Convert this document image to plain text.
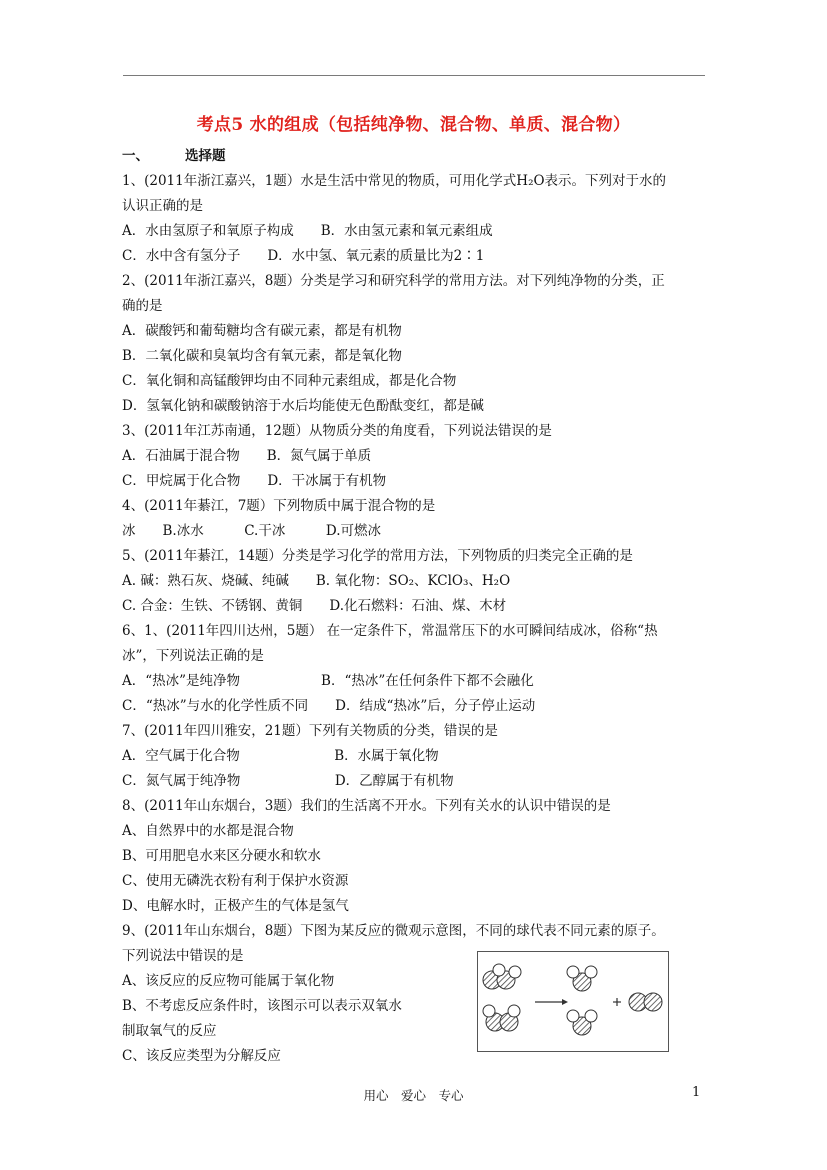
考点5 水的组成（包括纯净物、混合物、单质、混合物）
一、	选择题
1、(2011年浙江嘉兴，1题）水是生活中常见的物质，可用化学式H₂O表示。下列对于水的
认识正确的是
A．水由氢原子和氧原子构成　　B．水由氢元素和氧元素组成
C．水中含有氢分子　　D．水中氢、氧元素的质量比为2∶1
2、(2011年浙江嘉兴，8题）分类是学习和研究科学的常用方法。对下列纯净物的分类，正
确的是
A．碳酸钙和葡萄糖均含有碳元素，都是有机物
B．二氧化碳和臭氧均含有氧元素，都是氧化物
C．氧化铜和高锰酸钾均由不同种元素组成，都是化合物
D．氢氧化钠和碳酸钠溶于水后均能使无色酚酞变红，都是碱
3、(2011年江苏南通，12题）从物质分类的角度看，下列说法错误的是
A．石油属于混合物　　B．氮气属于单质
C．甲烷属于化合物　　D．干冰属于有机物
4、(2011年綦江，7题）下列物质中属于混合物的是
冰　　B.冰水　　　C.干冰　　　D.可燃冰
5、(2011年綦江，14题）分类是学习化学的常用方法，下列物质的归类完全正确的是
A. 碱：熟石灰、烧碱、纯碱　　B. 氧化物：SO₂、KClO₃、H₂O
C. 合金：生铁、不锈钢、黄铜　　D.化石燃料：石油、煤、木材
6、1、(2011年四川达州，5题） 在一定条件下，常温常压下的水可瞬间结成冰，俗称“热
冰”，下列说法正确的是
A．“热冰”是纯净物　　　　　　B．“热冰”在任何条件下都不会融化
C．“热冰”与水的化学性质不同　　D．结成“热冰”后，分子停止运动
7、(2011年四川雅安，21题）下列有关物质的分类，错误的是
A．空气属于化合物　　　　　　　B．水属于氧化物
C．氮气属于纯净物　　　　　　　D．乙醇属于有机物
8、(2011年山东烟台，3题）我们的生活离不开水。下列有关水的认识中错误的是
A、自然界中的水都是混合物
B、可用肥皂水来区分硬水和软水
C、使用无磷洗衣粉有利于保护水资源
D、电解水时，正极产生的气体是氢气
9、(2011年山东烟台，8题）下图为某反应的微观示意图，不同的球代表不同元素的原子。
下列说法中错误的是
A、该反应的反应物可能属于氧化物
B、不考虑反应条件时，该图示可以表示双氧水
制取氧气的反应
C、该反应类型为分解反应
用心　爱心　专心	1
